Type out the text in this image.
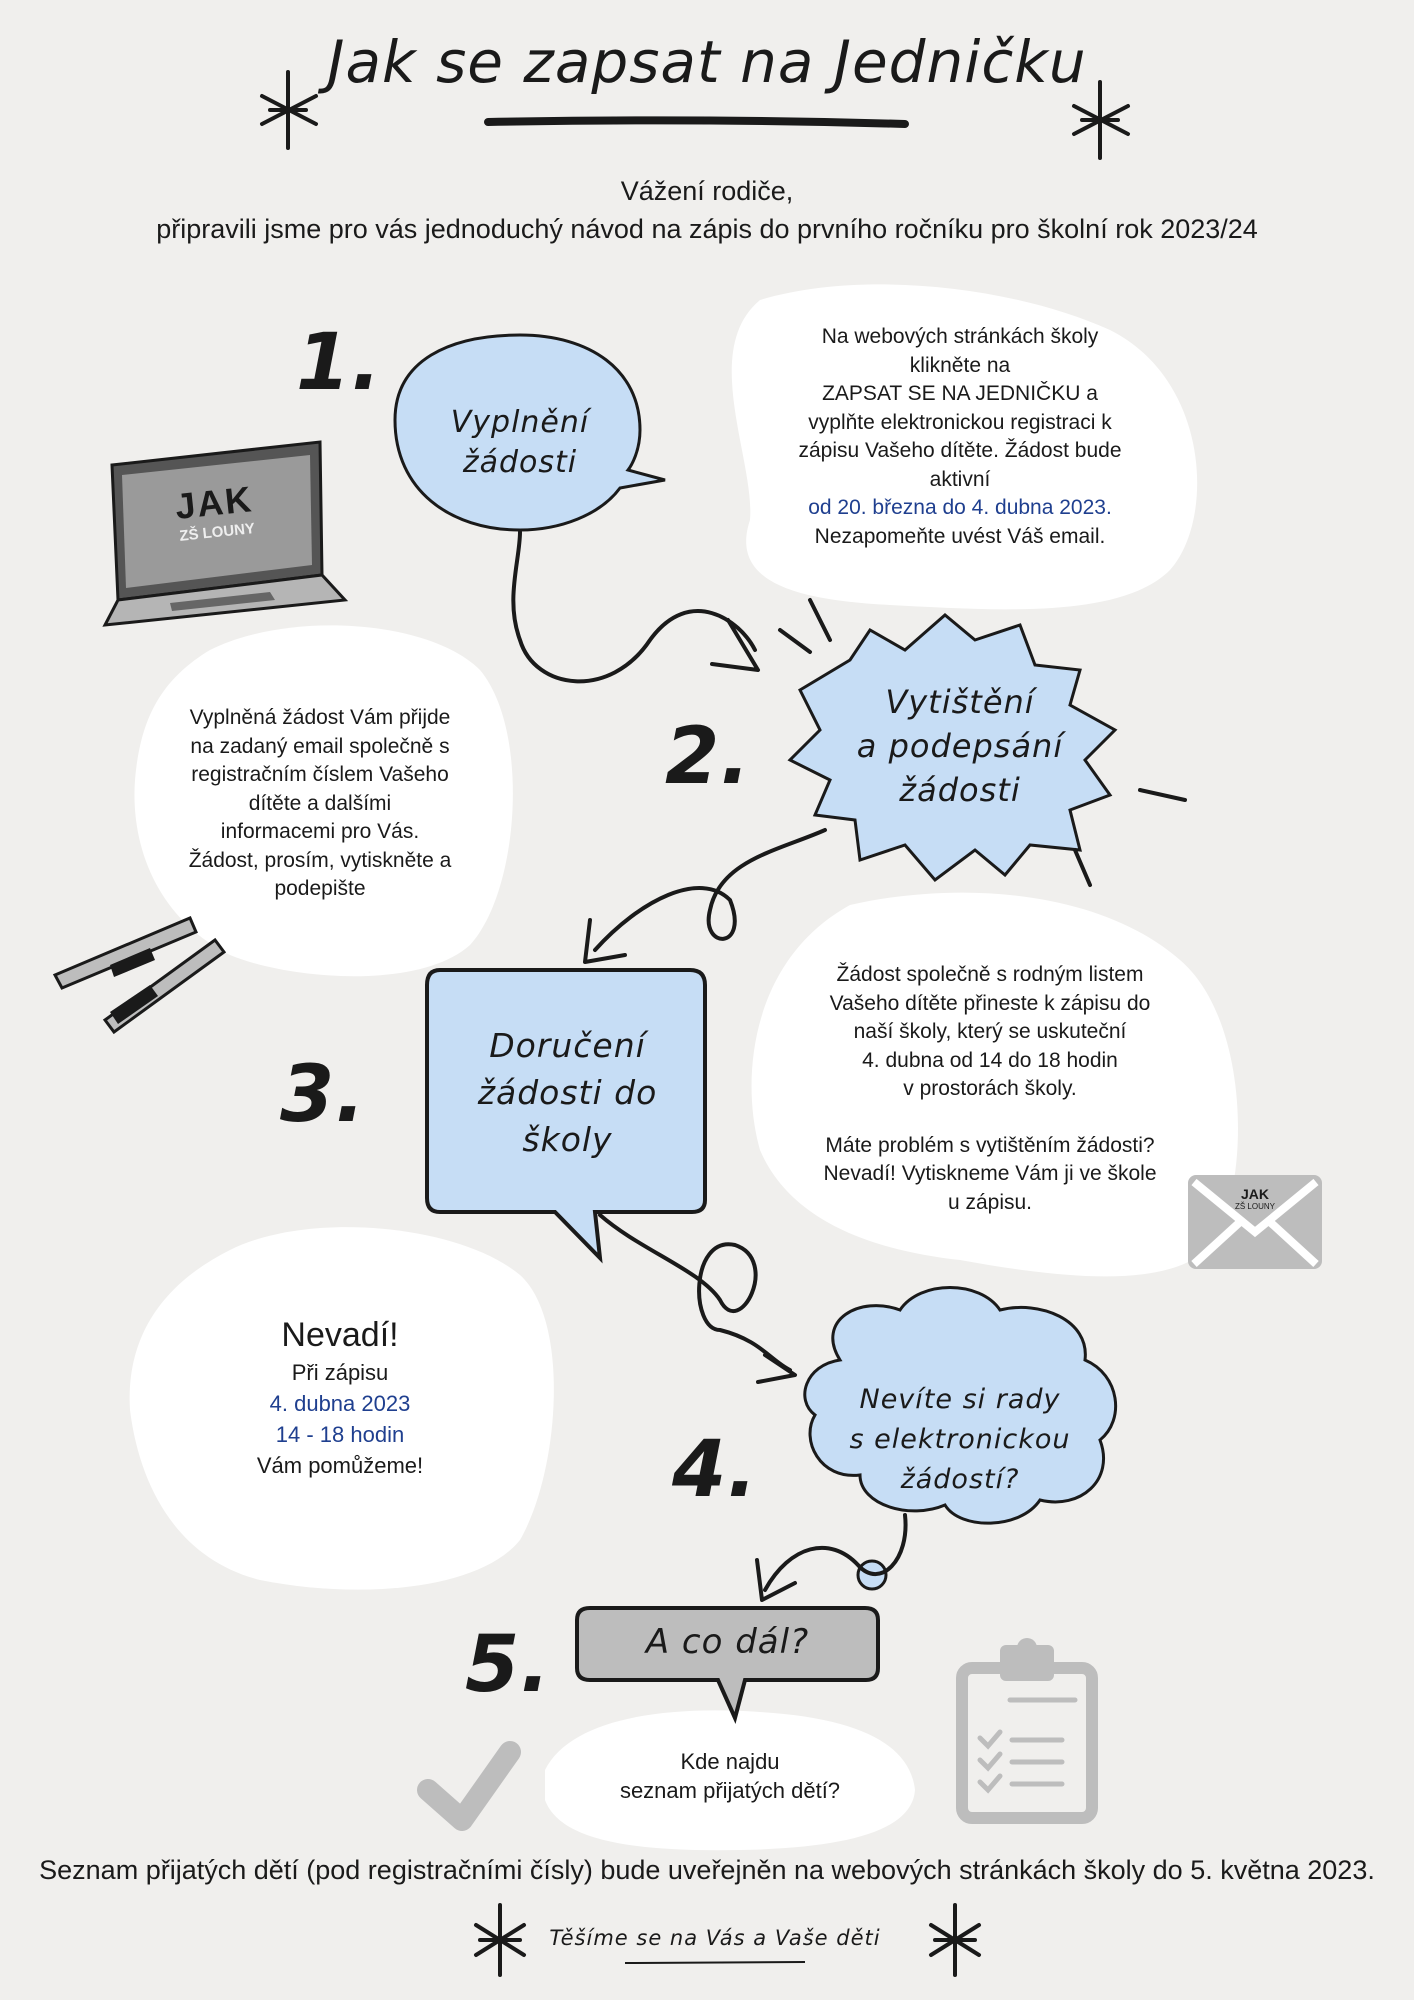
Jak se zapsat na Jedničku
Vážení rodiče,
připravili jsme pro vás jednoduchý návod na zápis do prvního ročníku pro školní rok 2023/24
1.
2.
3.
4.
5.
Vyplnění
žádosti
Vytištění
a podepsání
žádosti
Doručení
žádosti do
školy
Nevíte si rady
s elektronickou
žádostí?
A co dál?
Na webových stránkách školy
klikněte na
ZAPSAT SE NA JEDNIČKU a
vyplňte elektronickou registraci k
zápisu Vašeho dítěte. Žádost bude
aktivní
od 20. března do 4. dubna 2023.
Nezapomeňte uvést Váš email.
Vyplněná žádost Vám přijde
na zadaný email společně s
registračním číslem Vašeho
dítěte a dalšími
informacemi pro Vás.
Žádost, prosím, vytiskněte a
podepište
Žádost společně s rodným listem
Vašeho dítěte přineste k zápisu do
naší školy, který se uskuteční
4. dubna od 14 do 18 hodin
v prostorách školy.
Máte problém s vytištěním žádosti?
Nevadí! Vytiskneme Vám ji ve škole
u zápisu.
Nevadí!
Při zápisu
4. dubna 2023
14 - 18 hodin
Vám pomůžeme!
Kde najdu
seznam přijatých dětí?
JAK
ZŠ LOUNY
JAK
ZŠ LOUNY
Seznam přijatých dětí (pod registračními čísly) bude uveřejněn na webových stránkách školy do 5. května 2023.
Těšíme se na Vás a Vaše děti
